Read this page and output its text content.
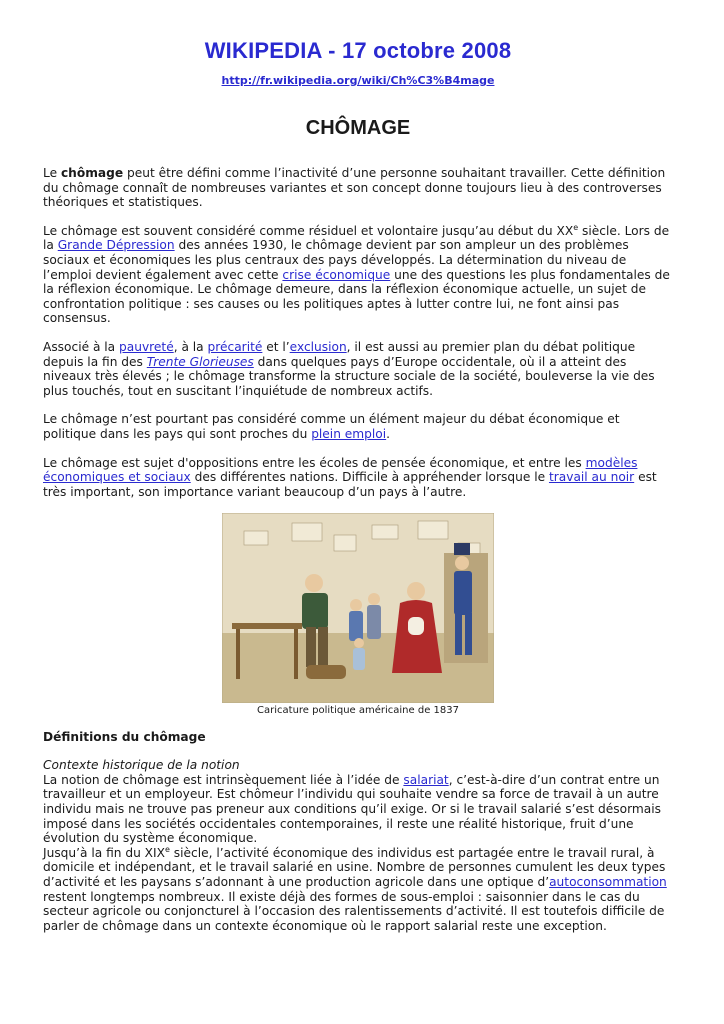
WIKIPEDIA - 17 octobre 2008
http://fr.wikipedia.org/wiki/Ch%C3%B4mage
CHÔMAGE

Le chômage peut être défini comme l’inactivité d’une personne souhaitant travailler. Cette définition du chômage connaît de nombreuses variantes et son concept donne toujours lieu à des controverses théoriques et statistiques.

Le chômage est souvent considéré comme résiduel et volontaire jusqu’au début du XXe siècle. Lors de la Grande Dépression des années 1930, le chômage devient par son ampleur un des problèmes sociaux et économiques les plus centraux des pays développés. La détermination du niveau de l’emploi devient également avec cette crise économique une des questions les plus fondamentales de la réflexion économique. Le chômage demeure, dans la réflexion économique actuelle, un sujet de confrontation politique : ses causes ou les politiques aptes à lutter contre lui, ne font ainsi pas consensus.

Associé à la pauvreté, à la précarité et l’exclusion, il est aussi au premier plan du débat politique depuis la fin des Trente Glorieuses dans quelques pays d’Europe occidentale, où il a atteint des niveaux très élevés ; le chômage transforme la structure sociale de la société, bouleverse la vie des plus touchés, tout en suscitant l’inquiétude de nombreux actifs.

Le chômage n’est pourtant pas considéré comme un élément majeur du débat économique et politique dans les pays qui sont proches du plein emploi.

Le chômage est sujet d'oppositions entre les écoles de pensée économique, et entre les modèles économiques et sociaux des différentes nations. Difficile à appréhender lorsque le travail au noir est très important, son importance variant beaucoup d’un pays à l’autre.

Caricature politique américaine de 1837
Définitions du chômage

Contexte historique de la notion
La notion de chômage est intrinsèquement liée à l’idée de salariat, c’est-à-dire d’un contrat entre un travailleur et un employeur. Est chômeur l’individu qui souhaite vendre sa force de travail à un autre individu mais ne trouve pas preneur aux conditions qu’il exige. Or si le travail salarié s’est désormais imposé dans les sociétés occidentales contemporaines, il reste une réalité historique, fruit d’une évolution du système économique.

Jusqu’à la fin du XIXe siècle, l’activité économique des individus est partagée entre le travail rural, à domicile et indépendant, et le travail salarié en usine. Nombre de personnes cumulent les deux types d’activité et les paysans s’adonnant à une production agricole dans une optique d’autoconsommation restent longtemps nombreux. Il existe déjà des formes de sous-emploi : saisonnier dans le cas du secteur agricole ou conjoncturel à l’occasion des ralentissements d’activité. Il est toutefois difficile de parler de chômage dans un contexte économique où le rapport salarial reste une exception.
